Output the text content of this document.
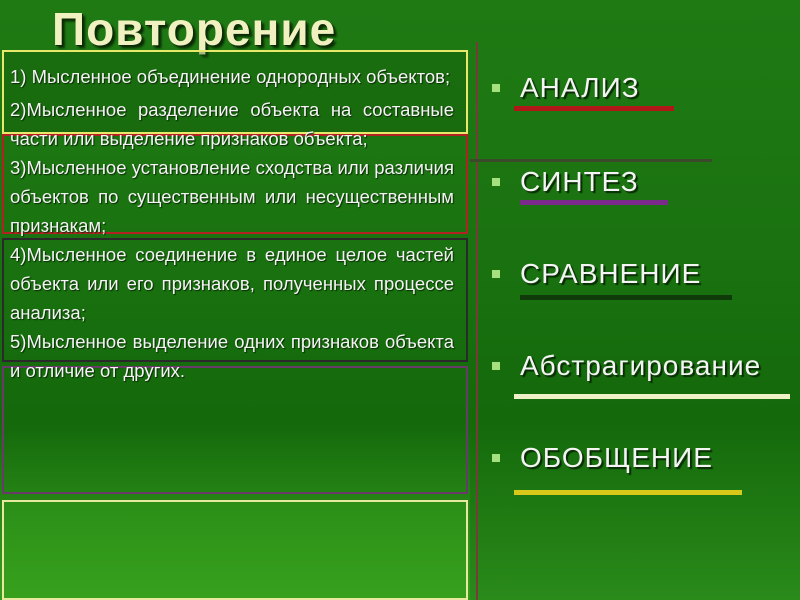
Повторение
1) Мысленное объединение однородных объектов;
2)Мысленное разделение объекта на составные части или выделение признаков объекта;
3)Мысленное установление сходства или различия объектов по существенным или несущественным признакам;
4)Мысленное соединение в единое целое частей объекта или его признаков, полученных процессе анализа;
5)Мысленное выделение одних признаков объекта и отличие от других.
АНАЛИЗ
СИНТЕЗ
СРАВНЕНИЕ
Абстрагирование
ОБОБЩЕНИЕ
